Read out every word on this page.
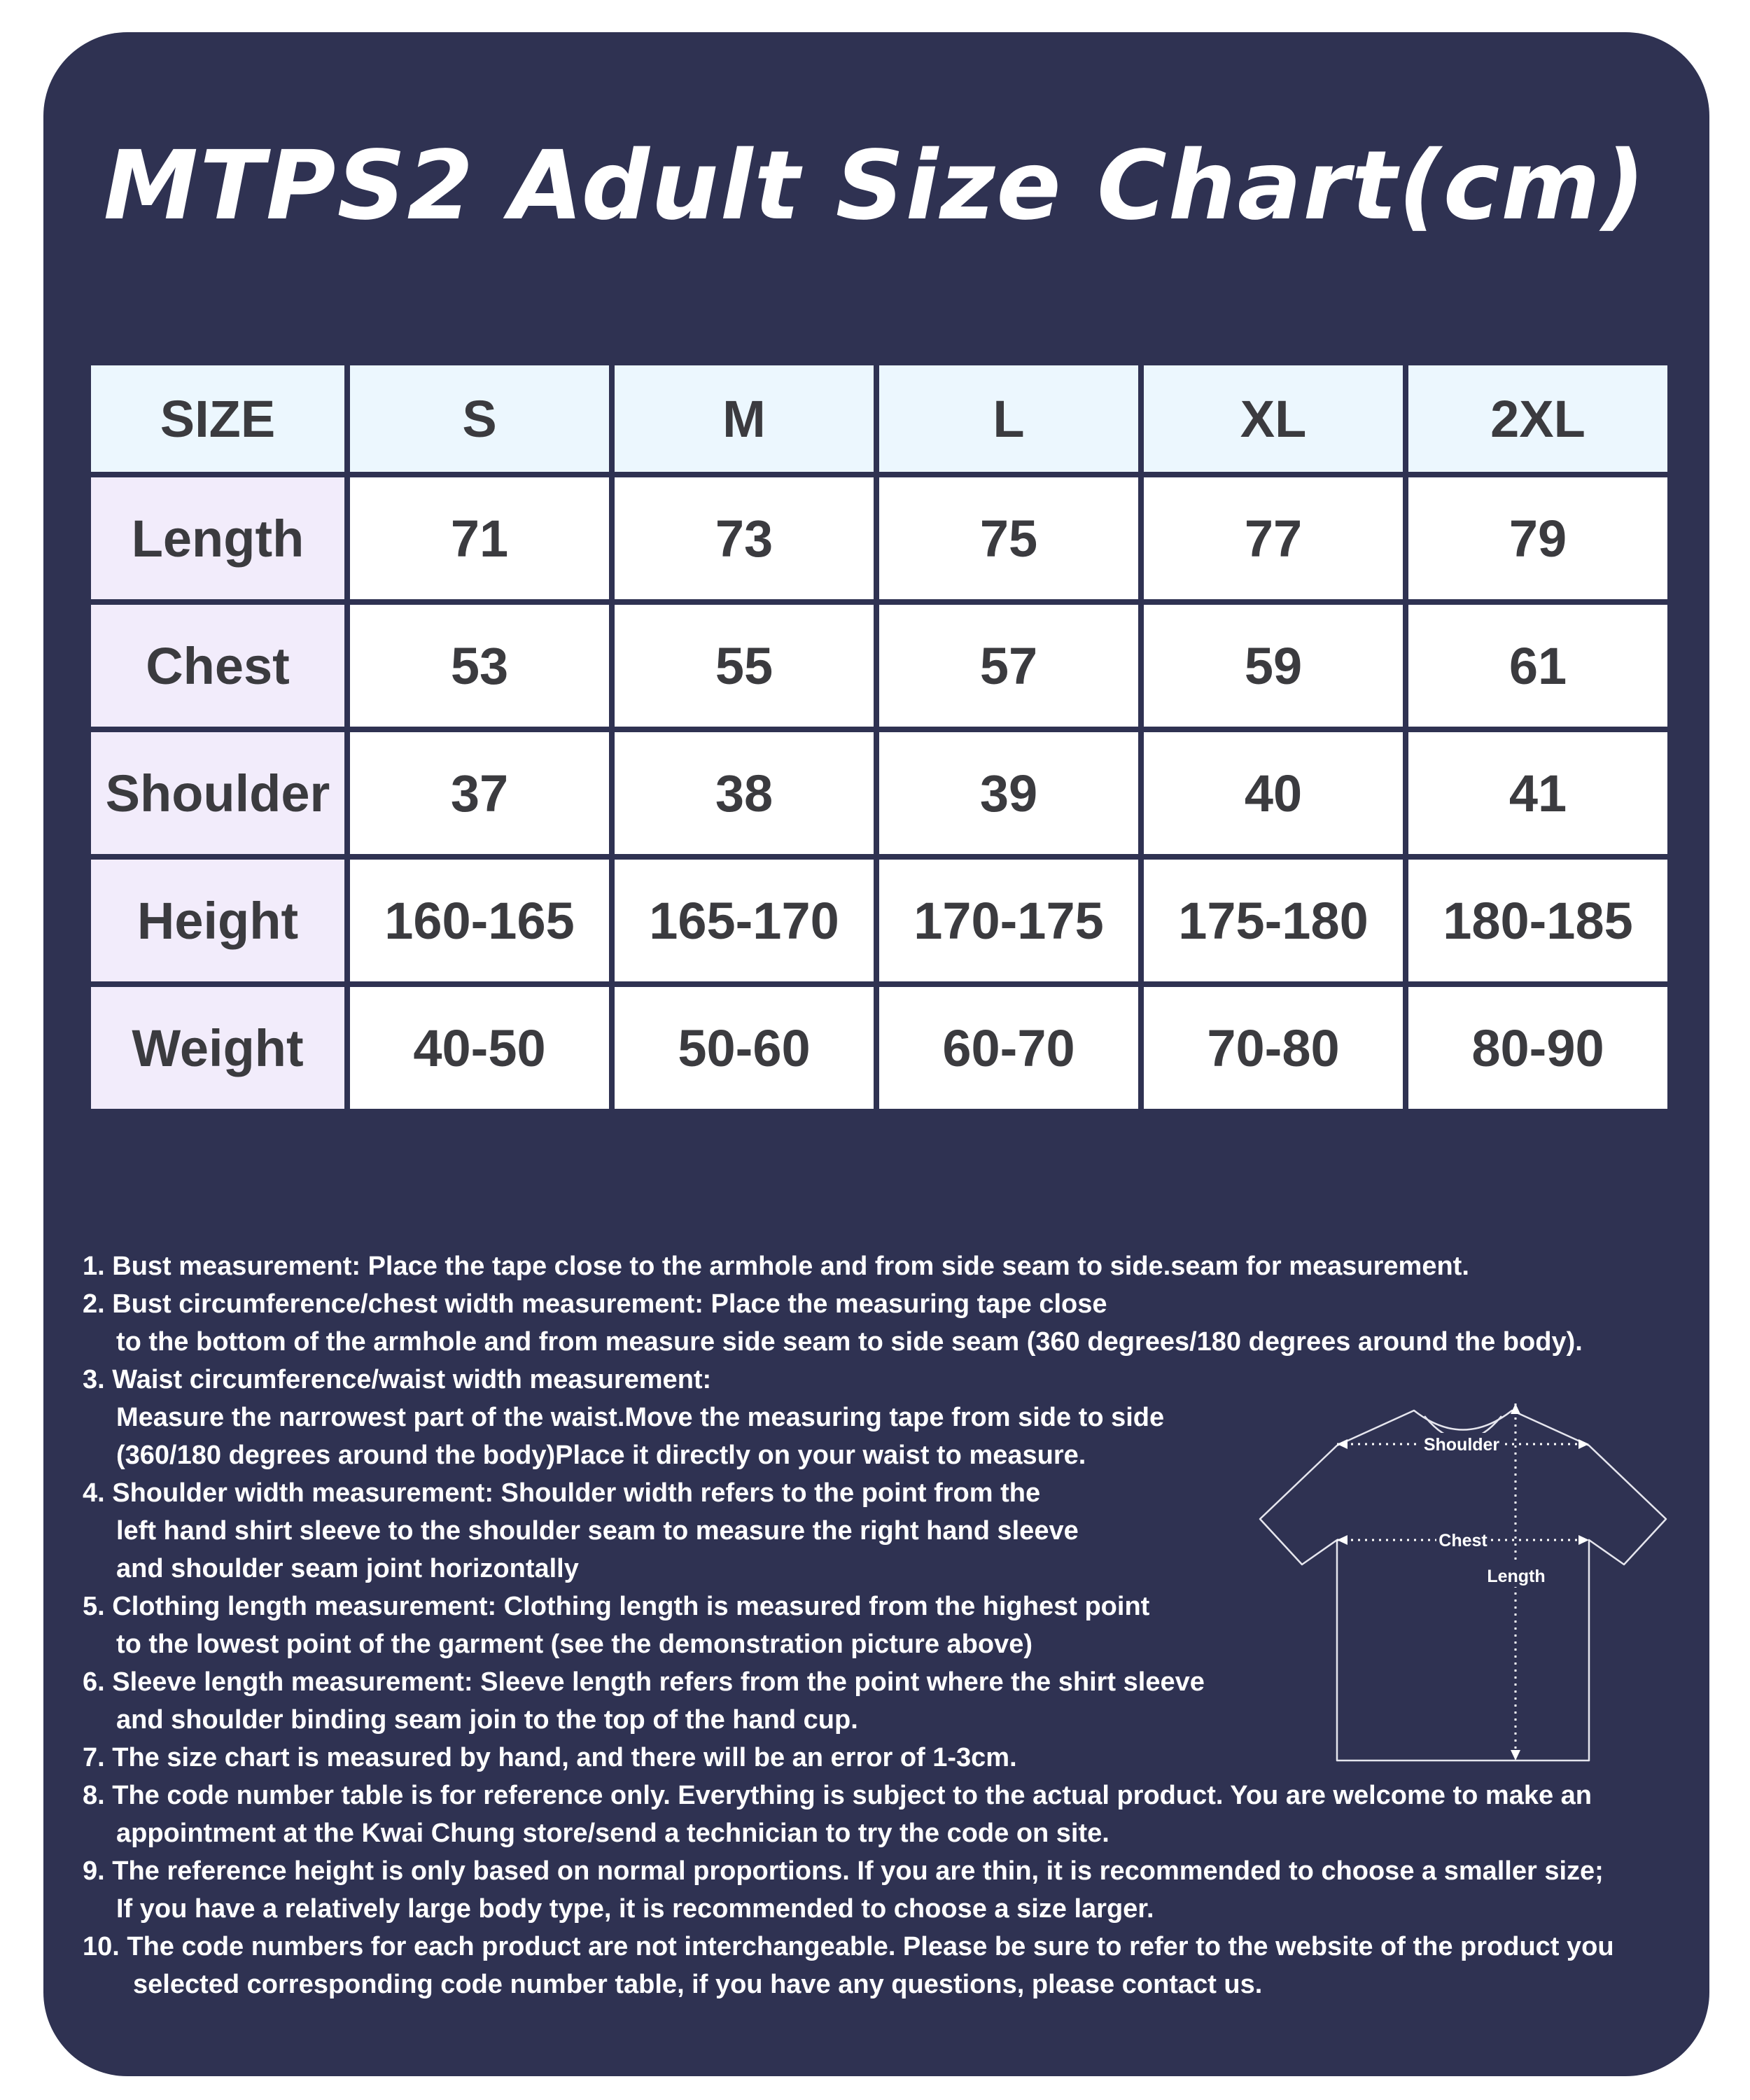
MTPS2 Adult Size Chart(cm)
SIZE	S	M	L	XL	2XL
Length	71	73	75	77	79
Chest	53	55	57	59	61
Shoulder	37	38	39	40	41
Height	160-165	165-170	170-175	175-180	180-185
Weight	40-50	50-60	60-70	70-80	80-90

1. Bust measurement: Place the tape close to the armhole and from side seam to side.seam for measurement.

2. Bust circumference/chest width measurement: Place the measuring tape close

to the bottom of the armhole and from measure side seam to side seam (360 degrees/180 degrees around the body).

3. Waist circumference/waist width measurement:

Measure the narrowest part of the waist.Move the measuring tape from side to side

(360/180 degrees around the body)Place it directly on your waist to measure.

4. Shoulder width measurement: Shoulder width refers to the point from the

left hand shirt sleeve to the shoulder seam to measure the right hand sleeve

and shoulder seam joint horizontally

5. Clothing length measurement: Clothing length is measured from the highest point

to the lowest point of the garment (see the demonstration picture above)

6. Sleeve length measurement: Sleeve length refers from the point where the shirt sleeve

and shoulder binding seam join to the top of the hand cup.

7. The size chart is measured by hand, and there will be an error of 1-3cm.

8. The code number table is for reference only. Everything is subject to the actual product. You are welcome to make an

appointment at the Kwai Chung store/send a technician to try the code on site.

9. The reference height is only based on normal proportions. If you are thin, it is recommended to choose a smaller size;

If you have a relatively large body type, it is recommended to choose a size larger.

10. The code numbers for each product are not interchangeable. Please be sure to refer to the website of the product you

selected corresponding code number table, if you have any questions, please contact us.

Shoulder
Chest
Length
